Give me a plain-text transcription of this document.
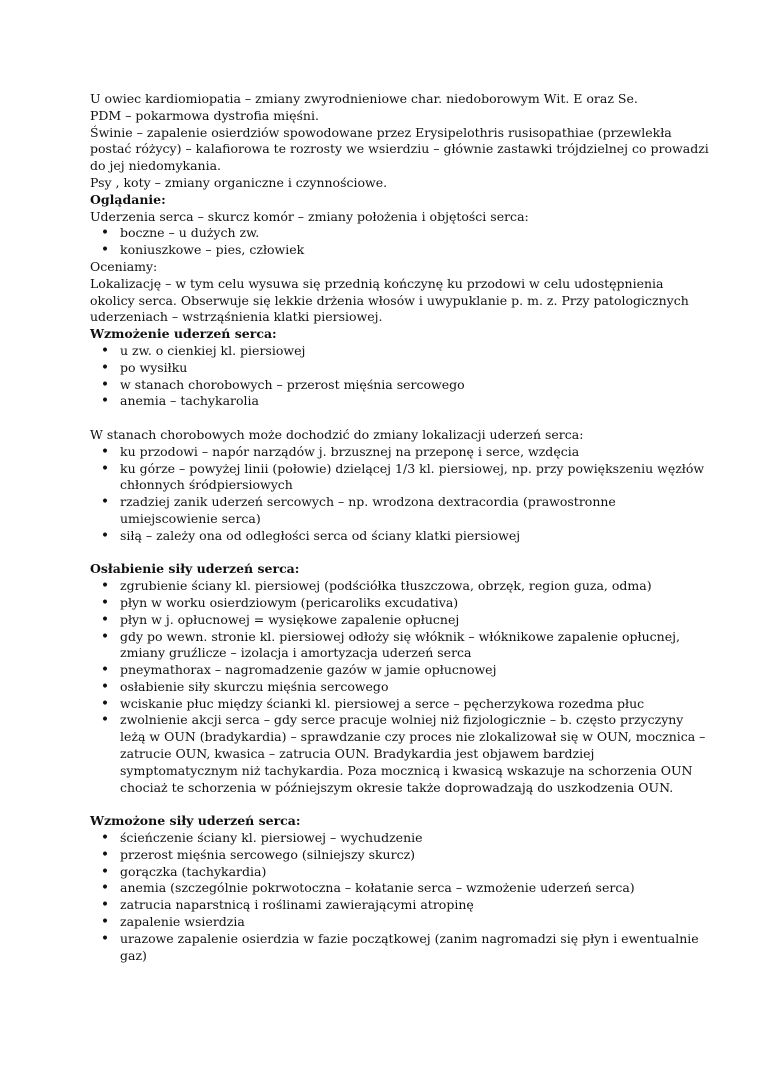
U owiec kardiomiopatia – zmiany zwyrodnieniowe char. niedoborowym Wit. E oraz Se.

PDM – pokarmowa dystrofia mięśni.

Świnie – zapalenie osierdziów spowodowane przez Erysipelothris rusisopathiae (przewlekła postać różycy) – kalafiorowa te rozrosty we wsierdziu – głównie zastawki trójdzielnej co prowadzi do jej niedomykania.

Psy , koty – zmiany organiczne i czynnościowe.

Oglądanie:

Uderzenia serca – skurcz komór – zmiany położenia i objętości serca:

• boczne – u dużych zw.
• koniuszkowe – pies, człowiek

Oceniamy:

Lokalizację – w tym celu wysuwa się przednią kończynę ku przodowi w celu udostępnienia okolicy serca. Obserwuje się lekkie drżenia włosów i uwypuklanie p. m. z. Przy patologicznych uderzeniach – wstrząśnienia klatki piersiowej.

Wzmożenie uderzeń serca:

• u zw. o cienkiej kl. piersiowej
• po wysiłku
• w stanach chorobowych – przerost mięśnia sercowego
• anemia – tachykarolia

W stanach chorobowych może dochodzić do zmiany lokalizacji uderzeń serca:

• ku przodowi – napór narządów j. brzusznej na przeponę i serce, wzdęcia
• ku górze – powyżej linii (połowie) dzielącej 1/3 kl. piersiowej, np. przy powiększeniu węzłów chłonnych śródpiersiowych
• rzadziej zanik uderzeń sercowych – np. wrodzona dextracordia (prawostronne umiejscowienie serca)
• siłą – zależy ona od odległości serca od ściany klatki piersiowej

Osłabienie siły uderzeń serca:

• zgrubienie ściany kl. piersiowej (podściółka tłuszczowa, obrzęk, region guza, odma)
• płyn w worku osierdziowym (pericaroliks excudativa)
• płyn w j. opłucnowej = wysiękowe zapalenie opłucnej
• gdy po wewn. stronie kl. piersiowej odłoży się włóknik – włóknikowe zapalenie opłucnej, zmiany gruźlicze – izolacja i amortyzacja uderzeń serca
• pneymathorax – nagromadzenie gazów w jamie opłucnowej
• osłabienie siły skurczu mięśnia sercowego
• wciskanie płuc między ścianki kl. piersiowej a serce – pęcherzykowa rozedma płuc
• zwolnienie akcji serca – gdy serce pracuje wolniej niż fizjologicznie – b. często przyczyny leżą w OUN (bradykardia) – sprawdzanie czy proces nie zlokalizował się w OUN, mocznica – zatrucie OUN, kwasica – zatrucia OUN. Bradykardia jest objawem bardziej symptomatycznym niż tachykardia. Poza mocznicą i kwasicą wskazuje na schorzenia OUN chociaż te schorzenia w późniejszym okresie także doprowadzają do uszkodzenia OUN.

Wzmożone siły uderzeń serca:

• ścieńczenie ściany kl. piersiowej – wychudzenie
• przerost mięśnia sercowego (silniejszy skurcz)
• gorączka (tachykardia)
• anemia (szczególnie pokrwotoczna – kołatanie serca – wzmożenie uderzeń serca)
• zatrucia naparstnicą i roślinami zawierającymi atropinę
• zapalenie wsierdzia
• urazowe zapalenie osierdzia w fazie początkowej (zanim nagromadzi się płyn i ewentualnie gaz)
